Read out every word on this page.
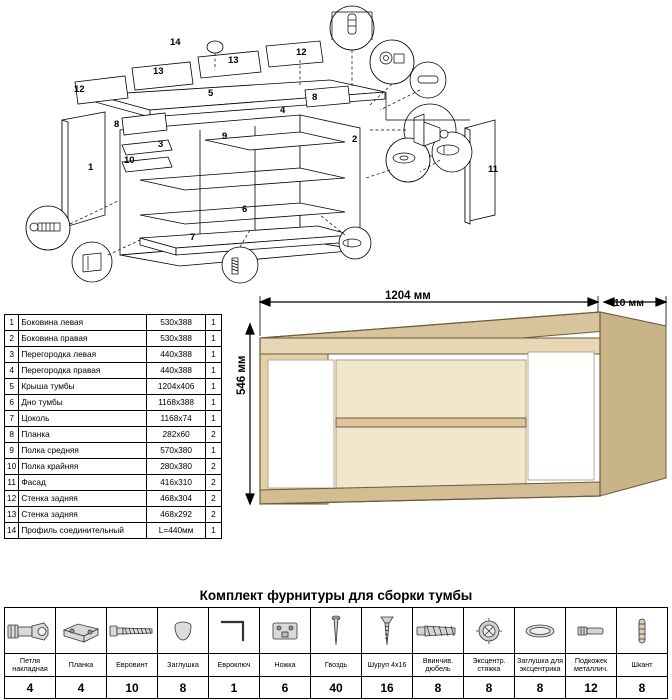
1
2
3
4
5
6
7
8
8
9
10
11
12
12
13
13
14
1	Боковина левая	530х388	1
2	Боковина правая	530х388	1
3	Перегородка левая	440х388	1
4	Перегородка правая	440х388	1
5	Крыша тумбы	1204х406	1
6	Дно тумбы	1168х388	1
7	Цоколь	1168х74	1
8	Планка	282х60	2
9	Полка средняя	570х380	1
10	Полка крайняя	280х380	2
11	Фасад	416х310	2
12	Стенка задняя	468х304	2
13	Стенка задняя	468х292	2
14	Профиль соединительный	L=440мм	1
1204 мм
410 мм
546 мм
Комплект фурнитуры для сборки тумбы

Петля накладная	Планка	Евровинт	Заглушка	Евроключ	Ножка	Гвоздь	Шуруп 4х16	Ввинчив. дюбель	Эксцентр. стяжка	Заглушка для эксцентрика	Подкожек металлич.	Шкант
4	4	10	8	1	6	40	16	8	8	8	12	8
